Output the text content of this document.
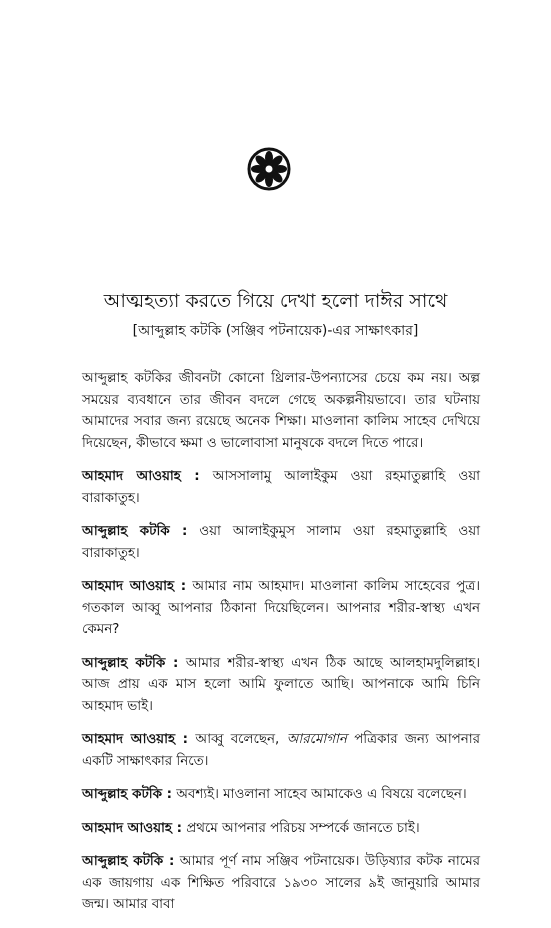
আত্মহত্যা করতে গিয়ে দেখা হলো দাঈর সাথে
[আব্দুল্লাহ কটকি (সঞ্জিব পটনায়েক)-এর সাক্ষাৎকার]

আব্দুল্লাহ কটকির জীবনটা কোনো থ্রিলার-উপন্যাসের চেয়ে কম নয়। অল্প সময়ের ব্যবধানে তার জীবন বদলে গেছে অকল্পনীয়ভাবে। তার ঘটনায় আমাদের সবার জন্য রয়েছে অনেক শিক্ষা। মাওলানা কালিম সাহেব দেখিয়ে দিয়েছেন, কীভাবে ক্ষমা ও ভালোবাসা মানুষকে বদলে দিতে পারে।

আহমাদ আওয়াহ : আসসালামু আলাইকুম ওয়া রহমাতুল্লাহি ওয়া বারাকাতুহ।

আব্দুল্লাহ কটকি : ওয়া আলাইকুমুস সালাম ওয়া রহমাতুল্লাহি ওয়া বারাকাতুহ।

আহমাদ আওয়াহ : আমার নাম আহমাদ। মাওলানা কালিম সাহেবের পুত্র। গতকাল আব্বু আপনার ঠিকানা দিয়েছিলেন। আপনার শরীর-স্বাস্থ্য এখন কেমন?

আব্দুল্লাহ কটকি : আমার শরীর-স্বাস্থ্য এখন ঠিক আছে আলহামদুলিল্লাহ। আজ প্রায় এক মাস হলো আমি ফুলাতে আছি। আপনাকে আমি চিনি আহমাদ ভাই।

আহমাদ আওয়াহ : আব্বু বলেছেন, আরমোগান পত্রিকার জন্য আপনার একটি সাক্ষাৎকার নিতে।

আব্দুল্লাহ কটকি : অবশ্যই। মাওলানা সাহেব আমাকেও এ বিষয়ে বলেছেন।

আহমাদ আওয়াহ : প্রথমে আপনার পরিচয় সম্পর্কে জানতে চাই।

আব্দুল্লাহ কটকি : আমার পূর্ণ নাম সঞ্জিব পটনায়েক। উড়িষ্যার কটক নামের এক জায়গায় এক শিক্ষিত পরিবারে ১৯৩০ সালের ৯ই জানুয়ারি আমার জন্ম। আমার বাবা
